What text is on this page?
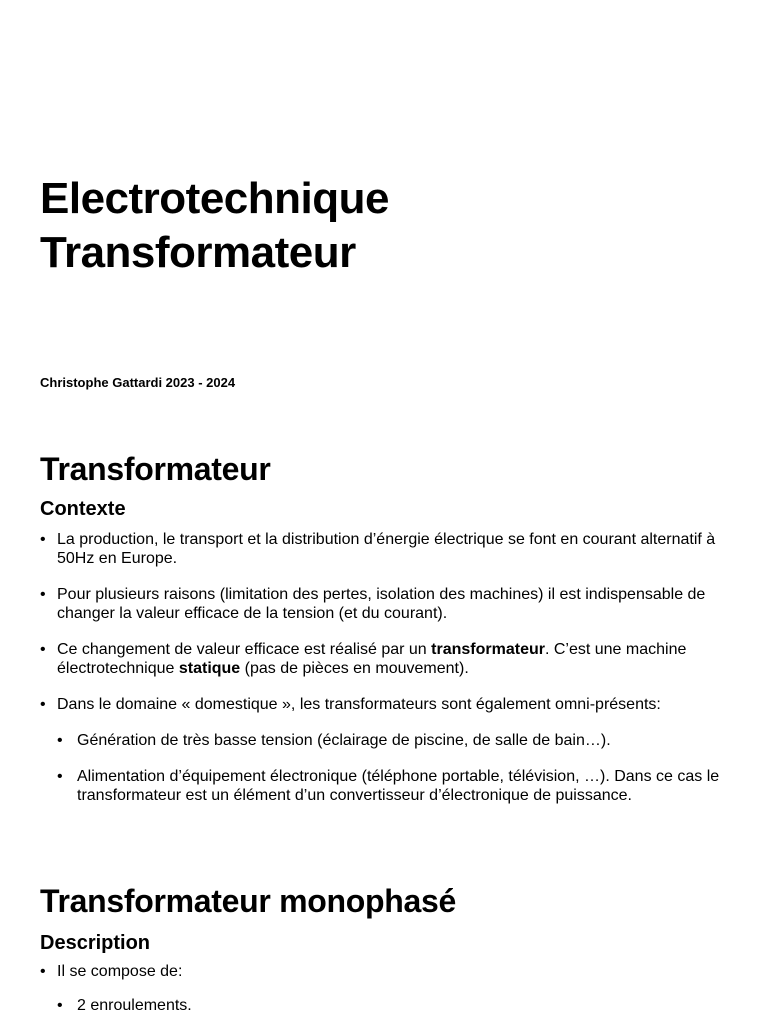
Electrotechnique
Transformateur

Christophe Gattardi 2023 - 2024

Transformateur
Contexte
• La production, le transport et la distribution d’énergie électrique se font en courant alternatif à 50Hz en Europe.
• Pour plusieurs raisons (limitation des pertes, isolation des machines) il est indispensable de changer la valeur efficace de la tension (et du courant).
• Ce changement de valeur efficace est réalisé par un transformateur. C’est une machine électrotechnique statique (pas de pièces en mouvement).
• Dans le domaine « domestique », les transformateurs sont également omni-présents:
• Génération de très basse tension (éclairage de piscine, de salle de bain…).
• Alimentation d’équipement électronique (téléphone portable, télévision, …). Dans ce cas le transformateur est un élément d’un convertisseur d’électronique de puissance.
Transformateur monophasé
Description
• Il se compose de:
• 2 enroulements.
